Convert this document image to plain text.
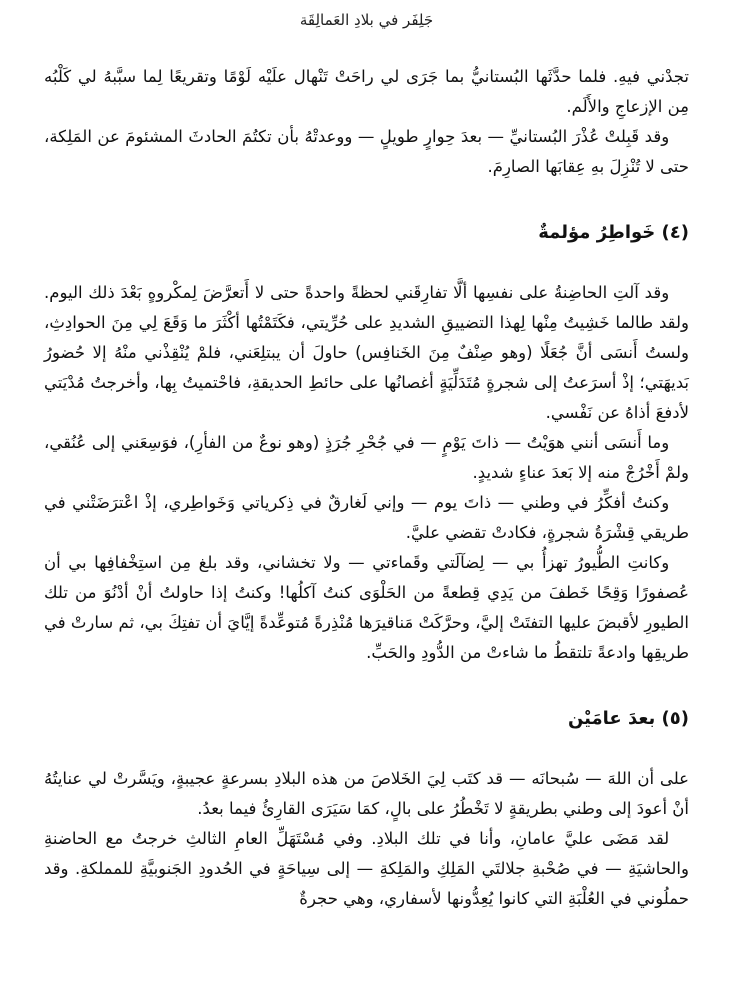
جَلِفَر في بلادِ العَمالِقَة

تجدْني فيهِ. فلما حدَّثَها البُستانيُّ بما جَرَى لي راحَتْ تَنْهال علَيْه لَوْمًا وتقريعًا لِما سبَّبهُ لي كَلْبُه مِن الإزعاجِ والأَلَم.

وقد قَبِلتْ عُذْرَ البُستانيِّ — بعدَ حِوارٍ طويلٍ — ووعدتْهُ بأن تكتُمَ الحادثَ المشئومَ عن المَلِكة، حتى لا تُنْزِلَ بهِ عِقابَها الصارِمَ.

(٤) خَواطِرُ مؤلمةٌ

وقد آلتِ الحاضِنةُ على نفسِها ألَّا تفارِقَني لحظةً واحدةً حتى لا أَتعرَّضَ لِمكْروهٍ بَعْدَ ذلك اليوم. ولقد طالما خَشِيتُ مِنْها لِهذا التضييقِ الشديدِ على حُرِّيتي، فكَتَمْتُها أكْثَرَ ما وَقَعَ لِي مِنَ الحوادِثِ، ولستُ أَنسَى أنَّ جُعَلًا (وهو صِنْفٌ مِنَ الخَنافِس) حاولَ أن يبتلِعَني، فلمْ يُنْقِذْني منْهُ إلا حُضورُ بَديهَتي؛ إذْ أسرَعتُ إلى شجرةٍ مُتَدَلِّيَةٍ أغصانُها على حائطِ الحديقةِ، فاحْتميتُ بِها، وأخرجتُ مُدْيَتي لأدفعَ أذاهُ عن نَفْسي.

وما أَنسَى أنني هوَيْتُ — ذاتَ يَوْمٍ — في جُحْرِ جُرَذٍ (وهو نوعٌ من الفأرِ)، فوَسِعَني إلى عُنُقي، ولمْ أَخْرُجْ منه إلا بَعدَ عناءٍ شديدٍ.

وكنتُ أفكِّرُ في وطني — ذاتَ يوم — وإني لَغارقٌ في ذِكرياتي وَخَواطِري، إذْ اعْترَضَتْني في طريقي قِشْرَةُ شجرةٍ، فكادتْ تقضي عليَّ.

وكانتِ الطُّيورُ تهزأُ بي — لِضآلَتي وقَماءتي — ولا تخشاني، وقد بلغ مِن استِخْفافِها بي أن عُصفورًا وَقِحًا خَطفَ من يَدِي قِطعةً من الحَلْوَى كنتُ آكلُها! وكنتُ إذا حاولتُ أنْ أدْنُوَ من تلك الطيورِ لأقبضَ عليها التفتَتْ إليَّ، وحرَّكَتْ مَناقيرَها مُنْذِرةً مُتوعِّدةً إيَّايَ أن تفتِكَ بي، ثم سارتْ في طريقِها وادعةً تلتقطُ ما شاءتْ من الدُّودِ والحَبِّ.

(٥) بعدَ عامَيْن

على أن اللهَ — سُبحانَه — قد كتَب لِيَ الخَلاصَ من هذه البلادِ بسرعةٍ عجيبةٍ، ويَسَّرتْ لي عنايتُهُ أنْ أعودَ إلى وطني بطريقةٍ لا تَخْطُرُ على بالٍ، كمَا سَيَرَى القارِئُ فيما بعدُ.

لقد مَضَى عليَّ عامانِ، وأنا في تلك البلادِ. وفي مُسْتَهَلِّ العامِ الثالثِ خرجتُ مع الحاضنةِ والحاشيَةِ — في صُحْبةِ جلالتَي المَلِكِ والمَلِكةِ — إلى سِياحَةٍ في الحُدودِ الجَنوبيَّةِ للمملكةِ. وقد حملُوني في العُلْبَةِ التي كانوا يُعِدُّونها لأسفاري، وهي حجرةٌ
